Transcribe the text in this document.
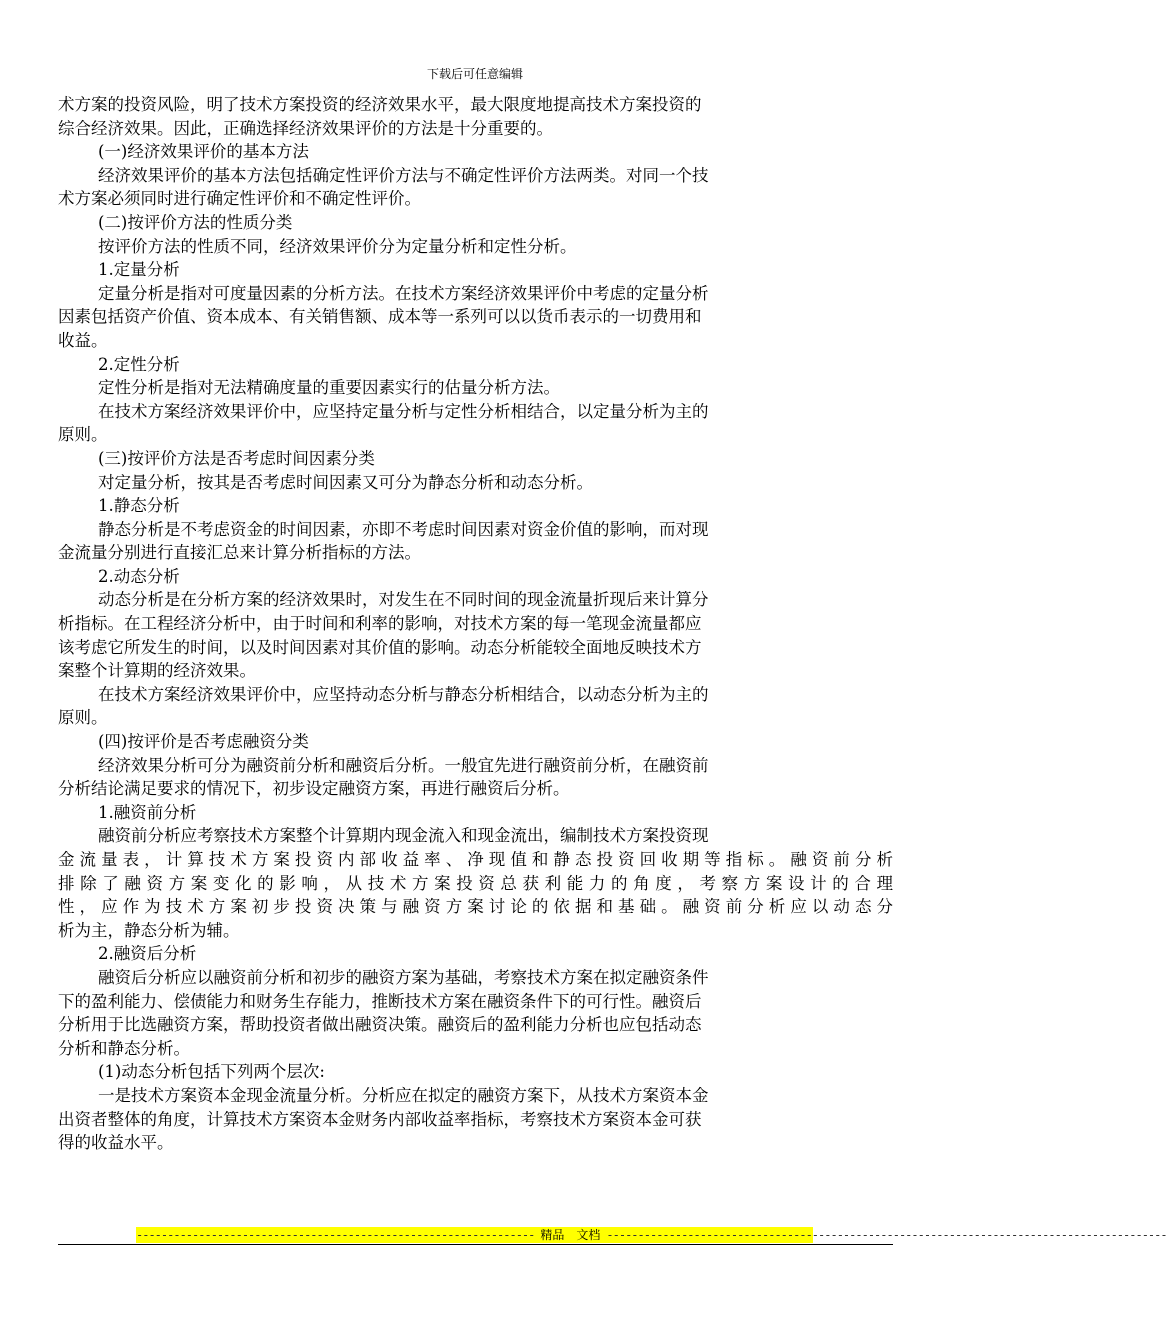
下载后可任意编辑
术方案的投资风险，明了技术方案投资的经济效果水平，最大限度地提高技术方案投资的
综合经济效果。因此，正确选择经济效果评价的方法是十分重要的。
(一)经济效果评价的基本方法
经济效果评价的基本方法包括确定性评价方法与不确定性评价方法两类。对同一个技
术方案必须同时进行确定性评价和不确定性评价。
(二)按评价方法的性质分类
按评价方法的性质不同，经济效果评价分为定量分析和定性分析。
1.定量分析
定量分析是指对可度量因素的分析方法。在技术方案经济效果评价中考虑的定量分析
因素包括资产价值、资本成本、有关销售额、成本等一系列可以以货币表示的一切费用和
收益。
2.定性分析
定性分析是指对无法精确度量的重要因素实行的估量分析方法。
在技术方案经济效果评价中，应坚持定量分析与定性分析相结合，以定量分析为主的
原则。
(三)按评价方法是否考虑时间因素分类
对定量分析，按其是否考虑时间因素又可分为静态分析和动态分析。
1.静态分析
静态分析是不考虑资金的时间因素，亦即不考虑时间因素对资金价值的影响，而对现
金流量分别进行直接汇总来计算分析指标的方法。
2.动态分析
动态分析是在分析方案的经济效果时，对发生在不同时间的现金流量折现后来计算分
析指标。在工程经济分析中，由于时间和利率的影响，对技术方案的每一笔现金流量都应
该考虑它所发生的时间，以及时间因素对其价值的影响。动态分析能较全面地反映技术方
案整个计算期的经济效果。
在技术方案经济效果评价中，应坚持动态分析与静态分析相结合，以动态分析为主的
原则。
(四)按评价是否考虑融资分类
经济效果分析可分为融资前分析和融资后分析。一般宜先进行融资前分析，在融资前
分析结论满足要求的情况下，初步设定融资方案，再进行融资后分析。
1.融资前分析
融资前分析应考察技术方案整个计算期内现金流入和现金流出，编制技术方案投资现
金流量表，计算技术方案投资内部收益率、净现值和静态投资回收期等指标。融资前分析
排除了融资方案变化的影响，从技术方案投资总获利能力的角度，考察方案设计的合理
性，应作为技术方案初步投资决策与融资方案讨论的依据和基础。融资前分析应以动态分
析为主，静态分析为辅。
2.融资后分析
融资后分析应以融资前分析和初步的融资方案为基础，考察技术方案在拟定融资条件
下的盈利能力、偿债能力和财务生存能力，推断技术方案在融资条件下的可行性。融资后
分析用于比选融资方案，帮助投资者做出融资决策。融资后的盈利能力分析也应包括动态
分析和静态分析。
(1)动态分析包括下列两个层次:
一是技术方案资本金现金流量分析。分析应在拟定的融资方案下，从技术方案资本金
出资者整体的角度，计算技术方案资本金财务内部收益率指标，考察技术方案资本金可获
得的收益水平。
---------------------------------------------------------------- 精品　文档 ------------------------------------------------------------------------------------------
